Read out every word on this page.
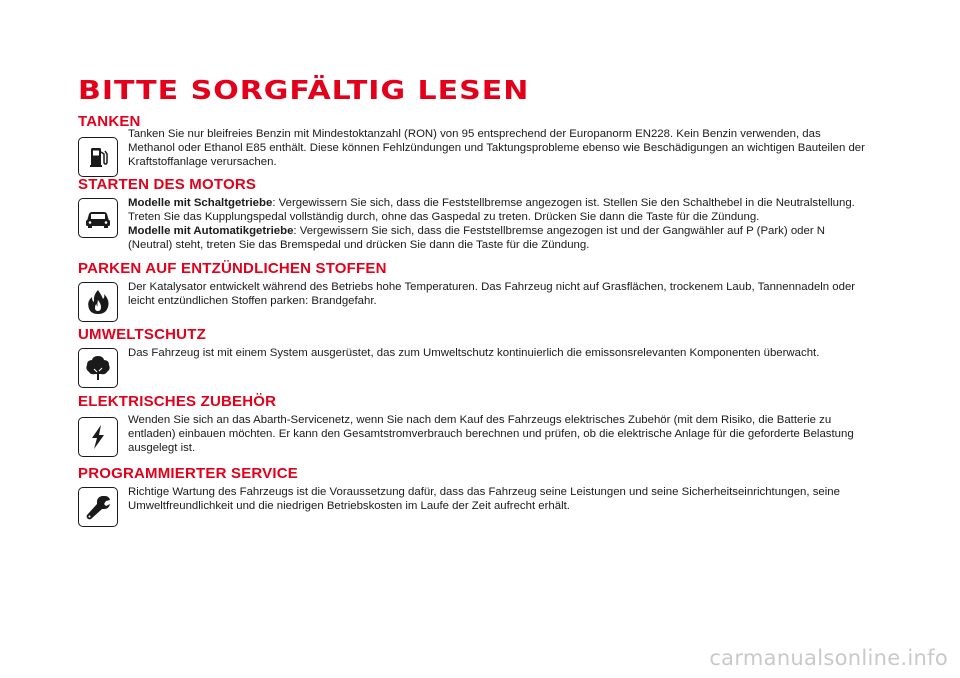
BITTE SORGFÄLTIG LESEN
TANKEN

Tanken Sie nur bleifreies Benzin mit Mindestoktanzahl (RON) von 95 entsprechend der Europanorm EN228. Kein Benzin verwenden, das Methanol oder Ethanol E85 enthält. Diese können Fehlzündungen und Taktungsprobleme ebenso wie Beschädigungen an wichtigen Bauteilen der Kraftstoffanlage verursachen.

STARTEN DES MOTORS

Modelle mit Schaltgetriebe: Vergewissern Sie sich, dass die Feststellbremse angezogen ist. Stellen Sie den Schalthebel in die Neutralstellung. Treten Sie das Kupplungspedal vollständig durch, ohne das Gaspedal zu treten. Drücken Sie dann die Taste für die Zündung.

Modelle mit Automatikgetriebe: Vergewissern Sie sich, dass die Feststellbremse angezogen ist und der Gangwähler auf P (Park) oder N (Neutral) steht, treten Sie das Bremspedal und drücken Sie dann die Taste für die Zündung.

PARKEN AUF ENTZÜNDLICHEN STOFFEN

Der Katalysator entwickelt während des Betriebs hohe Temperaturen. Das Fahrzeug nicht auf Grasflächen, trockenem Laub, Tannennadeln oder leicht entzündlichen Stoffen parken: Brandgefahr.

UMWELTSCHUTZ

Das Fahrzeug ist mit einem System ausgerüstet, das zum Umweltschutz kontinuierlich die emissonsrelevanten Komponenten überwacht.

ELEKTRISCHES ZUBEHÖR

Wenden Sie sich an das Abarth-Servicenetz, wenn Sie nach dem Kauf des Fahrzeugs elektrisches Zubehör (mit dem Risiko, die Batterie zu entladen) einbauen möchten. Er kann den Gesamtstromverbrauch berechnen und prüfen, ob die elektrische Anlage für die geforderte Belastung ausgelegt ist.

PROGRAMMIERTER SERVICE

Richtige Wartung des Fahrzeugs ist die Voraussetzung dafür, dass das Fahrzeug seine Leistungen und seine Sicherheitseinrichtungen, seine Umweltfreundlichkeit und die niedrigen Betriebskosten im Laufe der Zeit aufrecht erhält.

carmanualsonline.info
